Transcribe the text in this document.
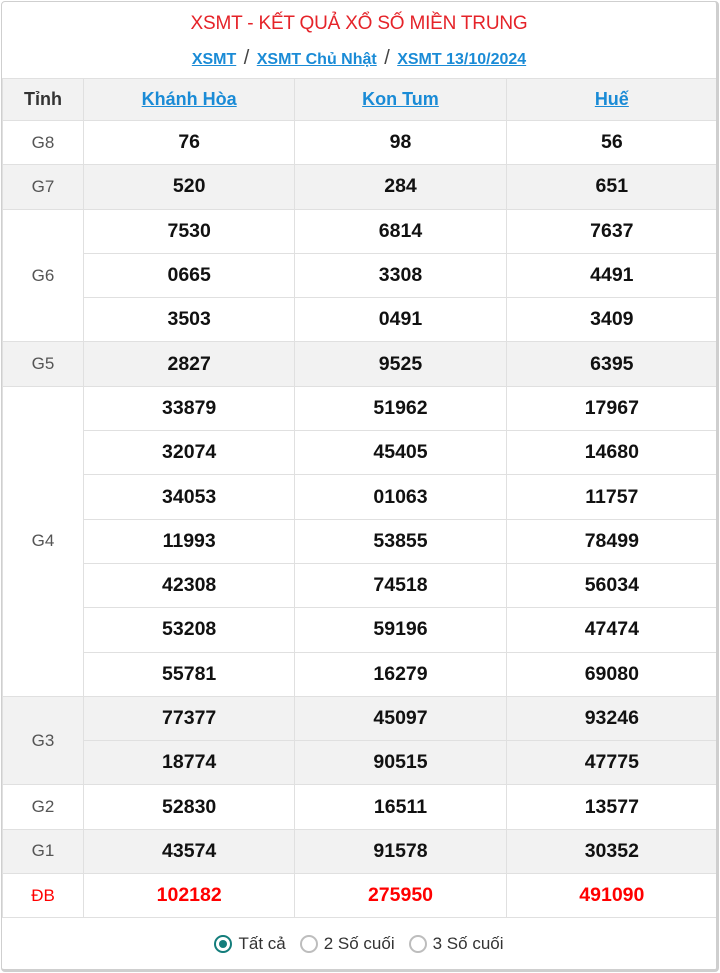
XSMT - KẾT QUẢ XỔ SỐ MIỀN TRUNG
XSMT / XSMT Chủ Nhật / XSMT 13/10/2024
Tỉnh	Khánh Hòa	Kon Tum	Huế
G8	76	98	56
G7	520	284	651
G6	7530	6814	7637
	0665	3308	4491
	3503	0491	3409
G5	2827	9525	6395
G4	33879	51962	17967
	32074	45405	14680
	34053	01063	11757
	11993	53855	78499
	42308	74518	56034
	53208	59196	47474
	55781	16279	69080
G3	77377	45097	93246
	18774	90515	47775
G2	52830	16511	13577
G1	43574	91578	30352
ĐB	102182	275950	491090
Tất cả 2 Số cuối 3 Số cuối
